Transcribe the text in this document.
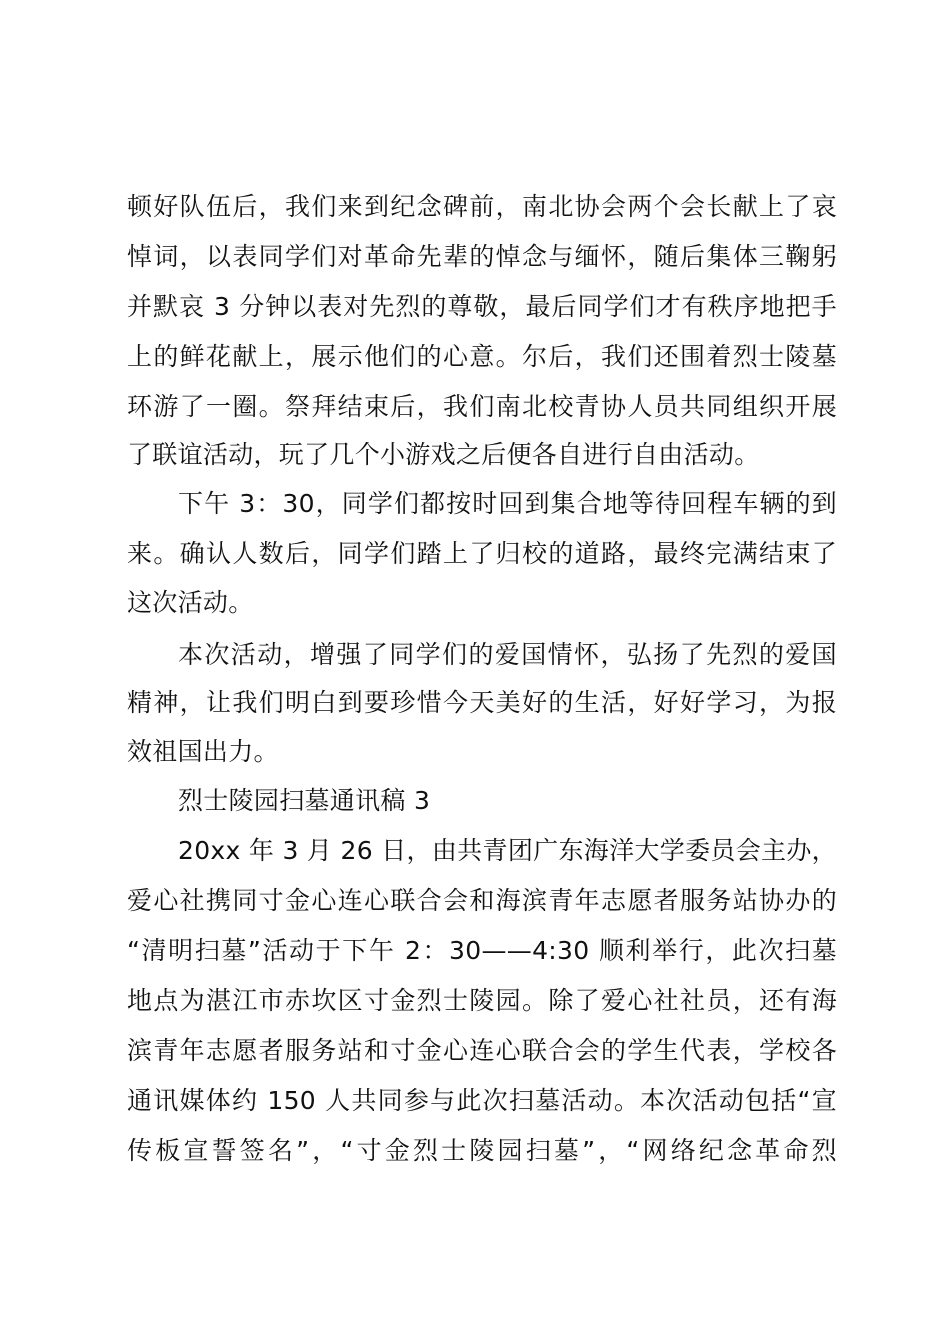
顿好队伍后，我们来到纪念碑前，南北协会两个会长献上了哀
悼词，以表同学们对革命先辈的悼念与缅怀，随后集体三鞠躬
并默哀 3 分钟以表对先烈的尊敬，最后同学们才有秩序地把手
上的鲜花献上，展示他们的心意。尔后，我们还围着烈士陵墓
环游了一圈。祭拜结束后，我们南北校青协人员共同组织开展
了联谊活动，玩了几个小游戏之后便各自进行自由活动。
下午 3：30，同学们都按时回到集合地等待回程车辆的到
来。确认人数后，同学们踏上了归校的道路，最终完满结束了
这次活动。
本次活动，增强了同学们的爱国情怀，弘扬了先烈的爱国
精神，让我们明白到要珍惜今天美好的生活，好好学习，为报
效祖国出力。
烈士陵园扫墓通讯稿 3
20xx 年 3 月 26 日，由共青团广东海洋大学委员会主办，
爱心社携同寸金心连心联合会和海滨青年志愿者服务站协办的
“清明扫墓”活动于下午 2：30——4:30 顺利举行，此次扫墓
地点为湛江市赤坎区寸金烈士陵园。除了爱心社社员，还有海
滨青年志愿者服务站和寸金心连心联合会的学生代表，学校各
通讯媒体约 150 人共同参与此次扫墓活动。本次活动包括“宣
传板宣誓签名”，“寸金烈士陵园扫墓”，“网络纪念革命烈
